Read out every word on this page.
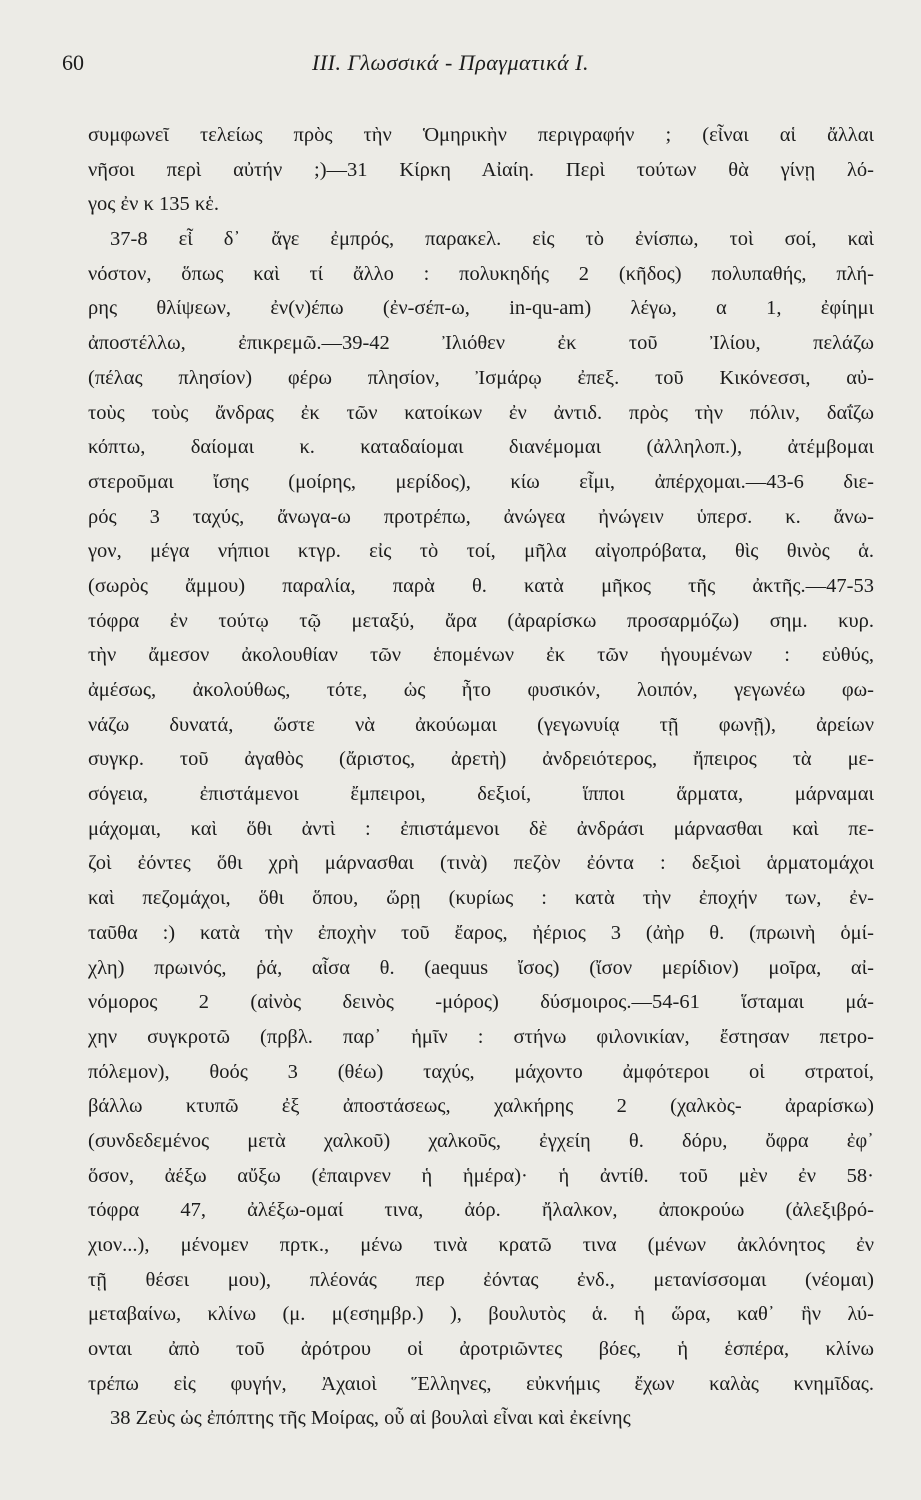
60	III. Γλωσσικά - Πραγματικά I.
συμφωνεῖ τελείως πρὸς τὴν Ὁμηρικὴν περιγραφήν ; (εἶναι αἱ ἄλλαι
νῆσοι περὶ αὐτήν ;)—31 Κίρκη Αἰαίη. Περὶ τούτων θὰ γίνῃ λό-
γος ἐν κ 135 κἑ.
37-8 εἶ δ᾽ ἄγε ἐμπρός, παρακελ. εἰς τὸ ἐνίσπω, τοὶ σοί, καὶ
νόστον, ὅπως καὶ τί ἄλλο : πολυκηδής 2 (κῆδος) πολυπαθής, πλή-
ρης θλίψεων, ἐν(ν)έπω (ἐν-σέπ-ω, in-qu-am) λέγω, α 1, ἐφίημι
ἀποστέλλω, ἐπικρεμῶ.—39-42 Ἰλιόθεν ἐκ τοῦ Ἰλίου, πελάζω
(πέλας πλησίον) φέρω πλησίον, Ἰσμάρῳ ἐπεξ. τοῦ Κικόνεσσι, αὐ-
τοὺς τοὺς ἄνδρας ἐκ τῶν κατοίκων ἐν ἀντιδ. πρὸς τὴν πόλιν, δαΐζω
κόπτω, δαίομαι κ. καταδαίομαι διανέμομαι (ἀλληλοπ.), ἀτέμβομαι
στεροῦμαι ἴσης (μοίρης, μερίδος), κίω εἶμι, ἀπέρχομαι.—43-6 διε-
ρός 3 ταχύς, ἄνωγα-ω προτρέπω, ἀνώγεα ἠνώγειν ὑπερσ. κ. ἄνω-
γον, μέγα νήπιοι κτγρ. εἰς τὸ τοί, μῆλα αἰγοπρόβατα, θὶς θινὸς ἁ.
(σωρὸς ἄμμου) παραλία, παρὰ θ. κατὰ μῆκος τῆς ἀκτῆς.—47-53
τόφρα ἐν τούτῳ τῷ μεταξύ, ἄρα (ἀραρίσκω προσαρμόζω) σημ. κυρ.
τὴν ἄμεσον ἀκολουθίαν τῶν ἑπομένων ἐκ τῶν ἡγουμένων : εὐθύς,
ἀμέσως, ἀκολούθως, τότε, ὡς ἦτο φυσικόν, λοιπόν, γεγωνέω φω-
νάζω δυνατά, ὥστε νὰ ἀκούωμαι (γεγωνυίᾳ τῇ φωνῇ), ἀρείων
συγκρ. τοῦ ἀγαθὸς (ἄριστος, ἀρετὴ) ἀνδρειότερος, ἤπειρος τὰ με-
σόγεια, ἐπιστάμενοι ἔμπειροι, δεξιοί, ἵπποι ἅρματα, μάρναμαι
μάχομαι, καὶ ὅθι ἀντὶ : ἐπιστάμενοι δὲ ἀνδράσι μάρνασθαι καὶ πε-
ζοὶ ἐόντες ὅθι χρὴ μάρνασθαι (τινὰ) πεζὸν ἐόντα : δεξιοὶ ἁρματομάχοι
καὶ πεζομάχοι, ὅθι ὅπου, ὥρῃ (κυρίως : κατὰ τὴν ἐποχήν των, ἐν-
ταῦθα :) κατὰ τὴν ἐποχὴν τοῦ ἔαρος, ἠέριος 3 (ἀὴρ θ. (πρωινὴ ὁμί-
χλη) πρωινός, ῥά, αἶσα θ. (aequus ἴσος) (ἴσον μερίδιον) μοῖρα, αἰ-
νόμορος 2 (αἰνὸς δεινὸς -μόρος) δύσμοιρος.—54-61 ἵσταμαι μά-
χην συγκροτῶ (πρβλ. παρ᾽ ἡμῖν : στήνω φιλονικίαν, ἔστησαν πετρο-
πόλεμον), θοός 3 (θέω) ταχύς, μάχοντο ἀμφότεροι οἱ στρατοί,
βάλλω κτυπῶ ἐξ ἀποστάσεως, χαλκήρης 2 (χαλκὸς- ἀραρίσκω)
(συνδεδεμένος μετὰ χαλκοῦ) χαλκοῦς, ἐγχείη θ. δόρυ, ὄφρα ἐφ᾽
ὅσον, ἀέξω αὔξω (ἐπαιρνεν ἡ ἡμέρα)· ἡ ἀντίθ. τοῦ μὲν ἐν 58·
τόφρα 47, ἀλέξω-ομαί τινα, ἀόρ. ἤλαλκον, ἀποκρούω (ἀλεξιβρό-
χιον...), μένομεν πρτκ., μένω τινὰ κρατῶ τινα (μένων ἀκλόνητος ἐν
τῇ θέσει μου), πλέονάς περ ἐόντας ἐνδ., μετανίσσομαι (νέομαι)
μεταβαίνω, κλίνω (μ. μ(εσημβρ.) ), βουλυτὸς ἁ. ἡ ὥρα, καθ᾽ ἣν λύ-
ονται ἀπὸ τοῦ ἀρότρου οἱ ἀροτριῶντες βόες, ἡ ἑσπέρα, κλίνω
τρέπω εἰς φυγήν, Ἀχαιοὶ Ἕλληνες, εὐκνήμις ἔχων καλὰς κνημῖδας.
38 Ζεὺς ὡς ἐπόπτης τῆς Μοίρας, οὗ αἱ βουλαὶ εἶναι καὶ ἐκείνης
